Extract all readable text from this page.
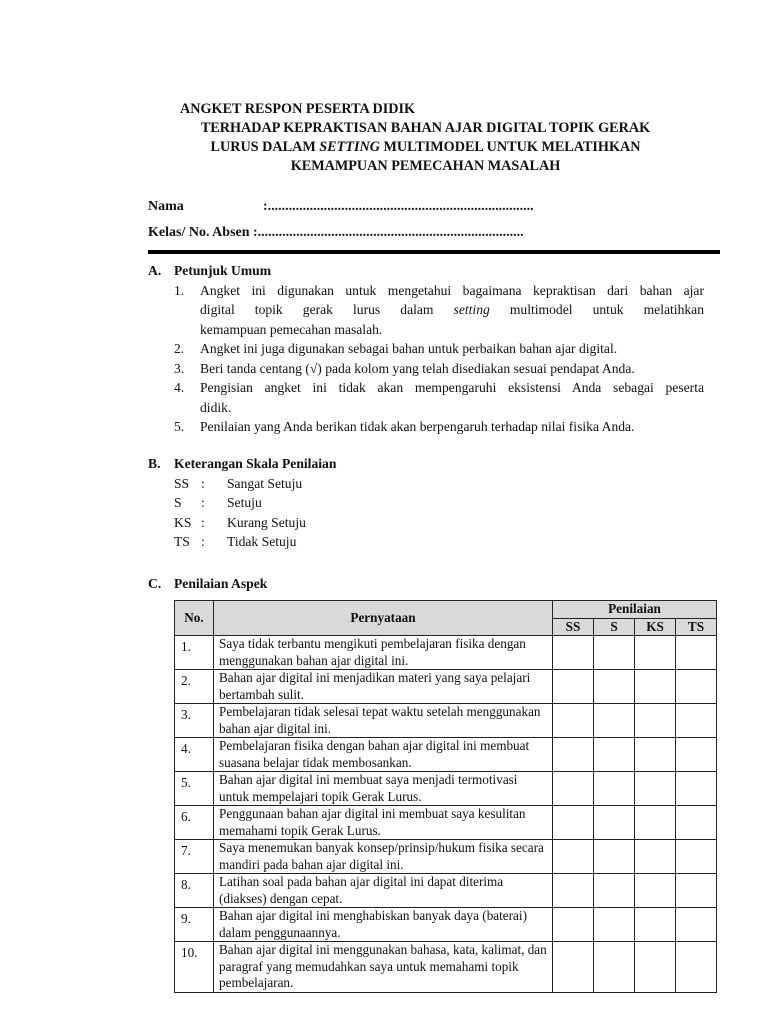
ANGKET RESPON PESERTA DIDIK
TERHADAP KEPRAKTISAN BAHAN AJAR DIGITAL TOPIK GERAK
LURUS DALAM SETTING MULTIMODEL UNTUK MELATIHKAN
KEMAMPUAN PEMECAHAN MASALAH
Nama	:............................................................................
Kelas/ No. Absen :............................................................................
A. Petunjuk Umum
1.	Angket ini digunakan untuk mengetahui bagaimana kepraktisan dari bahan ajar
digital topik gerak lurus dalam setting multimodel untuk melatihkan
kemampuan pemecahan masalah.
2.	Angket ini juga digunakan sebagai bahan untuk perbaikan bahan ajar digital.
3.	Beri tanda centang (√) pada kolom yang telah disediakan sesuai pendapat Anda.
4.	Pengisian angket ini tidak akan mempengaruhi eksistensi Anda sebagai peserta
didik.
5.	Penilaian yang Anda berikan tidak akan berpengaruh terhadap nilai fisika Anda.
B. Keterangan Skala Penilaian
SS :	Sangat Setuju
S	:	Setuju
KS :	Kurang Setuju
TS :	Tidak Setuju
C. Penilaian Aspek
No.	Pernyataan	Penilaian			
		SS	S	KS	TS
1.	Saya tidak terbantu mengikuti pembelajaran fisika dengan menggunakan bahan ajar digital ini.				
2.	Bahan ajar digital ini menjadikan materi yang saya pelajari bertambah sulit.				
3.	Pembelajaran tidak selesai tepat waktu setelah menggunakan bahan ajar digital ini.				
4.	Pembelajaran fisika dengan bahan ajar digital ini membuat suasana belajar tidak membosankan.				
5.	Bahan ajar digital ini membuat saya menjadi termotivasi untuk mempelajari topik Gerak Lurus.				
6.	Penggunaan bahan ajar digital ini membuat saya kesulitan memahami topik Gerak Lurus.				
7.	Saya menemukan banyak konsep/prinsip/hukum fisika secara mandiri pada bahan ajar digital ini.				
8.	Latihan soal pada bahan ajar digital ini dapat diterima (diakses) dengan cepat.				
9.	Bahan ajar digital ini menghabiskan banyak daya (baterai) dalam penggunaannya.				
10.	Bahan ajar digital ini menggunakan bahasa, kata, kalimat, dan paragraf yang memudahkan saya untuk memahami topik pembelajaran.				
